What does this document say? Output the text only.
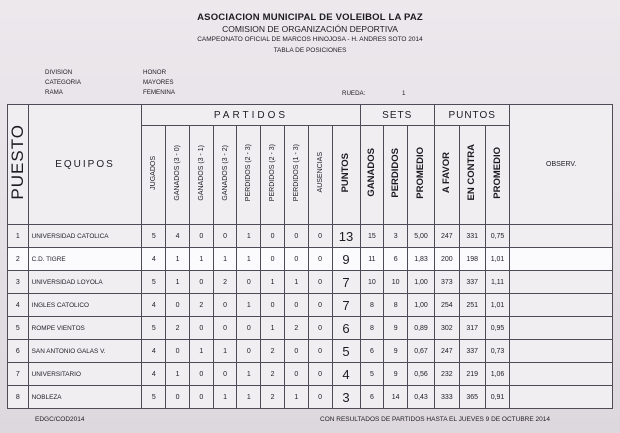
ASOCIACION MUNICIPAL DE VOLEIBOL LA PAZ
COMISION DE ORGANIZACIÓN DEPORTIVA
CAMPEONATO OFICIAL DE MARCOS HINOJOSA - H. ANDRES SOTO 2014
TABLA DE POSICIONES
DIVISION	HONOR
CATEGORIA	MAYORES
RAMA	FEMENINA	RUEDA:	1
PUESTO	EQUIPOS	PARTIDOS									SETS			PUNTOS			OBSERV.
		JUGADOS	GANADOS (3 - 0)	GANADOS (3 - 1)	GANADOS (3 - 2)	PERDIDOS (2 - 3)	PERDIDOS (2 - 3)	PERDIDOS (1 - 3)	AUSENCIAS	PUNTOS	GANADOS	PERDIDOS	PROMEDIO	A FAVOR	EN CONTRA	PROMEDIO	
1	UNIVERSIDAD CATOLICA	5	4	0	0	1	0	0	0	13	15	3	5,00	247	331	0,75	
2	C.D. TIGRE	4	1	1	1	1	0	0	0	9	11	6	1,83	200	198	1,01	
3	UNIVERSIDAD LOYOLA	5	1	0	2	0	1	1	0	7	10	10	1,00	373	337	1,11	
4	INGLES CATOLICO	4	0	2	0	1	0	0	0	7	8	8	1,00	254	251	1,01	
5	ROMPE VIENTOS	5	2	0	0	0	1	2	0	6	8	9	0,89	302	317	0,95	
6	SAN ANTONIO GALAS V.	4	0	1	1	0	2	0	0	5	6	9	0,67	247	337	0,73	
7	UNIVERSITARIO	4	1	0	0	1	2	0	0	4	5	9	0,56	232	219	1,06	
8	NOBLEZA	5	0	0	1	1	2	1	0	3	6	14	0,43	333	365	0,91	
EDGC/COD2014	CON RESULTADOS DE PARTIDOS HASTA EL JUEVES 9 DE OCTUBRE 2014
